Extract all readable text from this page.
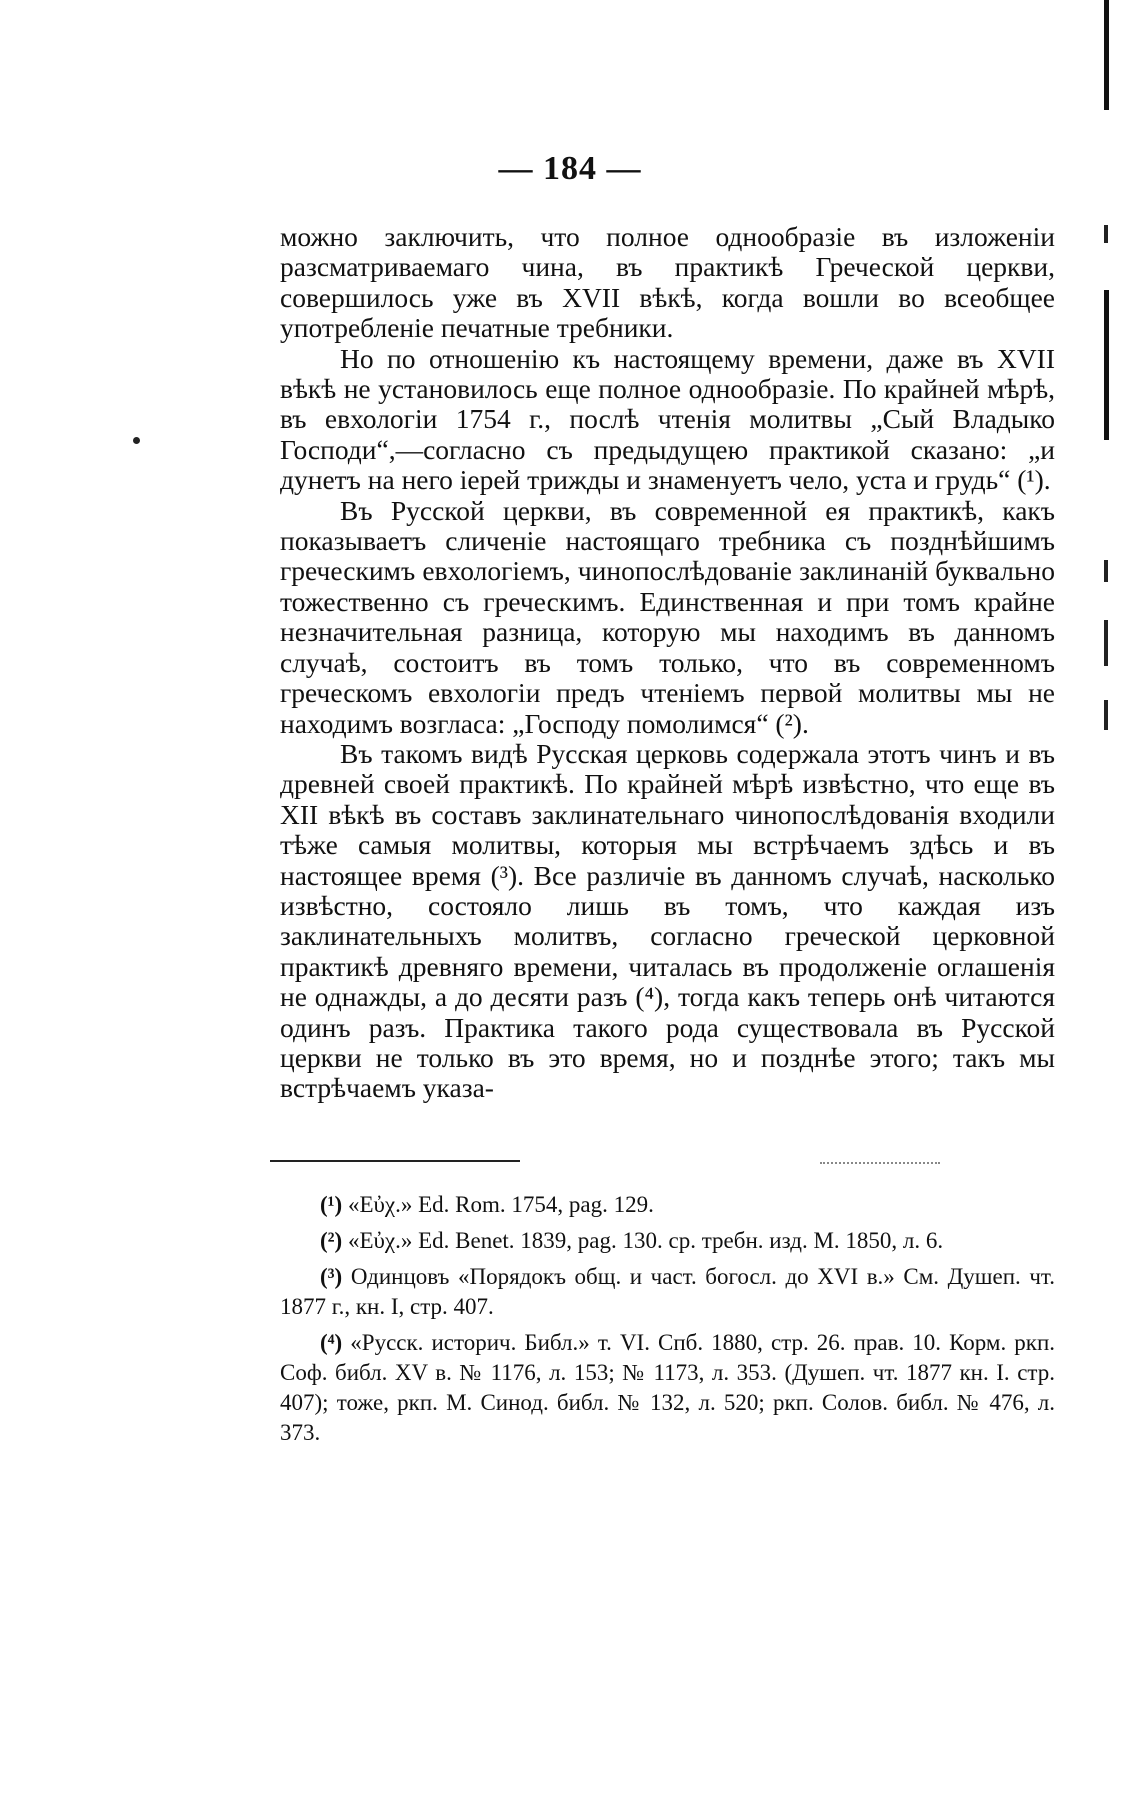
— 184 —

можно заключить, что полное однообразіе въ изложеніи разсматриваемаго чина, въ практикѣ Греческой церкви, совершилось уже въ XVII вѣкѣ, когда вошли во всеобщее употребленіе печатные требники.

Но по отношенію къ настоящему времени, даже въ XVII вѣкѣ не установилось еще полное однообразіе. По крайней мѣрѣ, въ евхологіи 1754 г., послѣ чтенія молитвы „Сый Владыко Господи“,—согласно съ предыдущею практикой сказано: „и дунетъ на него іерей трижды и знаменуетъ чело, уста и грудь“ (¹).

Въ Русской церкви, въ современной ея практикѣ, какъ показываетъ сличеніе настоящаго требника съ позднѣйшимъ греческимъ евхологіемъ, чинопослѣдованіе заклинаній буквально тожественно съ греческимъ. Единственная и при томъ крайне незначительная разница, которую мы находимъ въ данномъ случаѣ, состоитъ въ томъ только, что въ современномъ греческомъ евхологіи предъ чтеніемъ первой молитвы мы не находимъ возгласа: „Господу помолимся“ (²).

Въ такомъ видѣ Русская церковь содержала этотъ чинъ и въ древней своей практикѣ. По крайней мѣрѣ извѣстно, что еще въ XII вѣкѣ въ составъ заклинательнаго чинопослѣдованія входили тѣже самыя молитвы, которыя мы встрѣчаемъ здѣсь и въ настоящее время (³). Все различіе въ данномъ случаѣ, насколько извѣстно, состояло лишь въ томъ, что каждая изъ заклинательныхъ молитвъ, согласно греческой церковной практикѣ древняго времени, читалась въ продолженіе оглашенія не однажды, а до десяти разъ (⁴), тогда какъ теперь онѣ читаются одинъ разъ. Практика такого рода существовала въ Русской церкви не только въ это время, но и позднѣе этого; такъ мы встрѣчаемъ указа-

(¹) «Εὐχ.» Ed. Rom. 1754, pag. 129.

(²) «Εὐχ.» Ed. Benet. 1839, pag. 130. ср. требн. изд. М. 1850, л. 6.

(³) Одинцовъ «Порядокъ общ. и част. богосл. до XVI в.» См. Душеп. чт. 1877 г., кн. I, стр. 407.

(⁴) «Русск. историч. Библ.» т. VI. Спб. 1880, стр. 26. прав. 10. Корм. ркп. Соф. библ. XV в. № 1176, л. 153; № 1173, л. 353. (Душеп. чт. 1877 кн. I. стр. 407); тоже, ркп. М. Синод. библ. № 132, л. 520; ркп. Солов. библ. № 476, л. 373.
